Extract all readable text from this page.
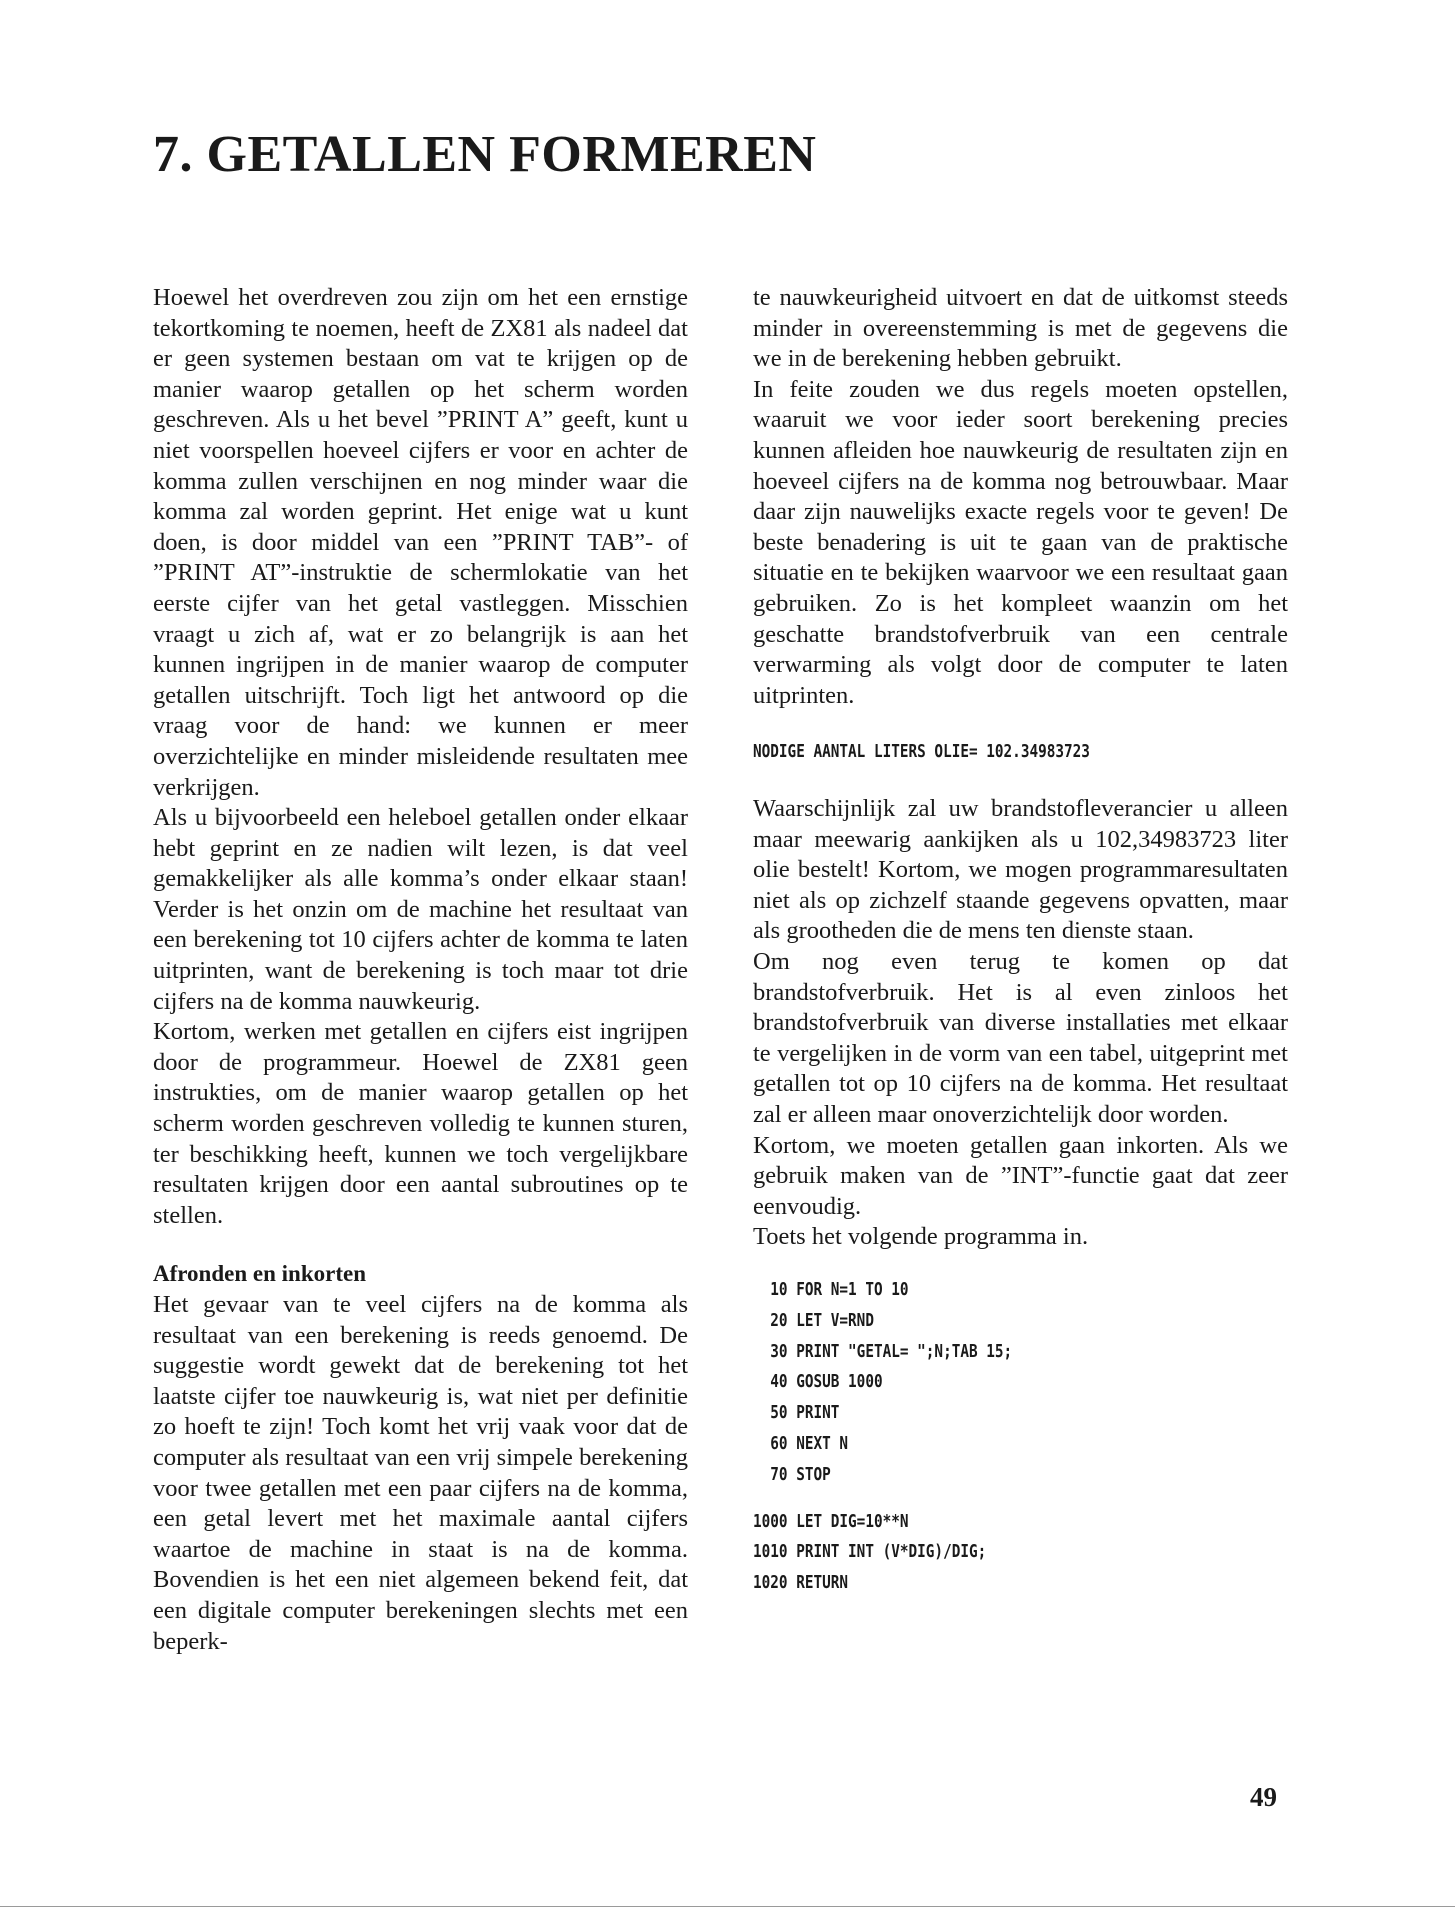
7. GETALLEN FORMEREN

Hoewel het overdreven zou zijn om het een ernstige tekortkoming te noemen, heeft de ZX81 als nadeel dat er geen systemen bestaan om vat te krijgen op de manier waarop getallen op het scherm worden geschreven. Als u het bevel ”PRINT A” geeft, kunt u niet voorspellen hoeveel cijfers er voor en achter de komma zullen verschijnen en nog minder waar die komma zal worden geprint. Het enige wat u kunt doen, is door middel van een ”PRINT TAB”- of ”PRINT AT”-instruktie de schermlokatie van het eerste cijfer van het getal vastleggen. Misschien vraagt u zich af, wat er zo belangrijk is aan het kunnen ingrijpen in de manier waarop de computer getallen uitschrijft. Toch ligt het antwoord op die vraag voor de hand: we kunnen er meer overzichtelijke en minder misleidende resultaten mee verkrijgen.

Als u bijvoorbeeld een heleboel getallen onder elkaar hebt geprint en ze nadien wilt lezen, is dat veel gemakkelijker als alle komma’s onder elkaar staan! Verder is het onzin om de machine het resultaat van een berekening tot 10 cijfers achter de komma te laten uitprinten, want de berekening is toch maar tot drie cijfers na de komma nauwkeurig.

Kortom, werken met getallen en cijfers eist ingrijpen door de programmeur. Hoewel de ZX81 geen instrukties, om de manier waarop getallen op het scherm worden geschreven volledig te kunnen sturen, ter beschikking heeft, kunnen we toch vergelijkbare resultaten krijgen door een aantal subroutines op te stellen.

Afronden en inkorten

Het gevaar van te veel cijfers na de komma als resultaat van een berekening is reeds genoemd. De suggestie wordt gewekt dat de berekening tot het laatste cijfer toe nauwkeurig is, wat niet per definitie zo hoeft te zijn! Toch komt het vrij vaak voor dat de computer als resultaat van een vrij simpele berekening voor twee getallen met een paar cijfers na de komma, een getal levert met het maximale aantal cijfers waartoe de machine in staat is na de komma. Bovendien is het een niet algemeen bekend feit, dat een digitale computer berekeningen slechts met een beperk-

te nauwkeurigheid uitvoert en dat de uitkomst steeds minder in overeenstemming is met de gegevens die we in de berekening hebben gebruikt.

In feite zouden we dus regels moeten opstellen, waaruit we voor ieder soort berekening precies kunnen afleiden hoe nauwkeurig de resultaten zijn en hoeveel cijfers na de komma nog betrouwbaar. Maar daar zijn nauwelijks exacte regels voor te geven! De beste benadering is uit te gaan van de praktische situatie en te bekijken waarvoor we een resultaat gaan gebruiken. Zo is het kompleet waanzin om het geschatte brandstofverbruik van een centrale verwarming als volgt door de computer te laten uitprinten.

NODIGE AANTAL LITERS OLIE= 102.34983723

Waarschijnlijk zal uw brandstofleverancier u alleen maar meewarig aankijken als u 102,34983723 liter olie bestelt! Kortom, we mogen programmaresultaten niet als op zichzelf staande gegevens opvatten, maar als grootheden die de mens ten dienste staan.

Om nog even terug te komen op dat brandstofverbruik. Het is al even zinloos het brandstofverbruik van diverse installaties met elkaar te vergelijken in de vorm van een tabel, uitgeprint met getallen tot op 10 cijfers na de komma. Het resultaat zal er alleen maar onoverzichtelijk door worden.

Kortom, we moeten getallen gaan inkorten. Als we gebruik maken van de ”INT”-functie gaat dat zeer eenvoudig.

Toets het volgende programma in.

10 FOR N=1 TO 10

20 LET V=RND

30 PRINT "GETAL= ";N;TAB 15;

40 GOSUB 1000

50 PRINT

60 NEXT N

70 STOP

1000 LET DIG=10**N

1010 PRINT INT (V*DIG)/DIG;

1020 RETURN

49
